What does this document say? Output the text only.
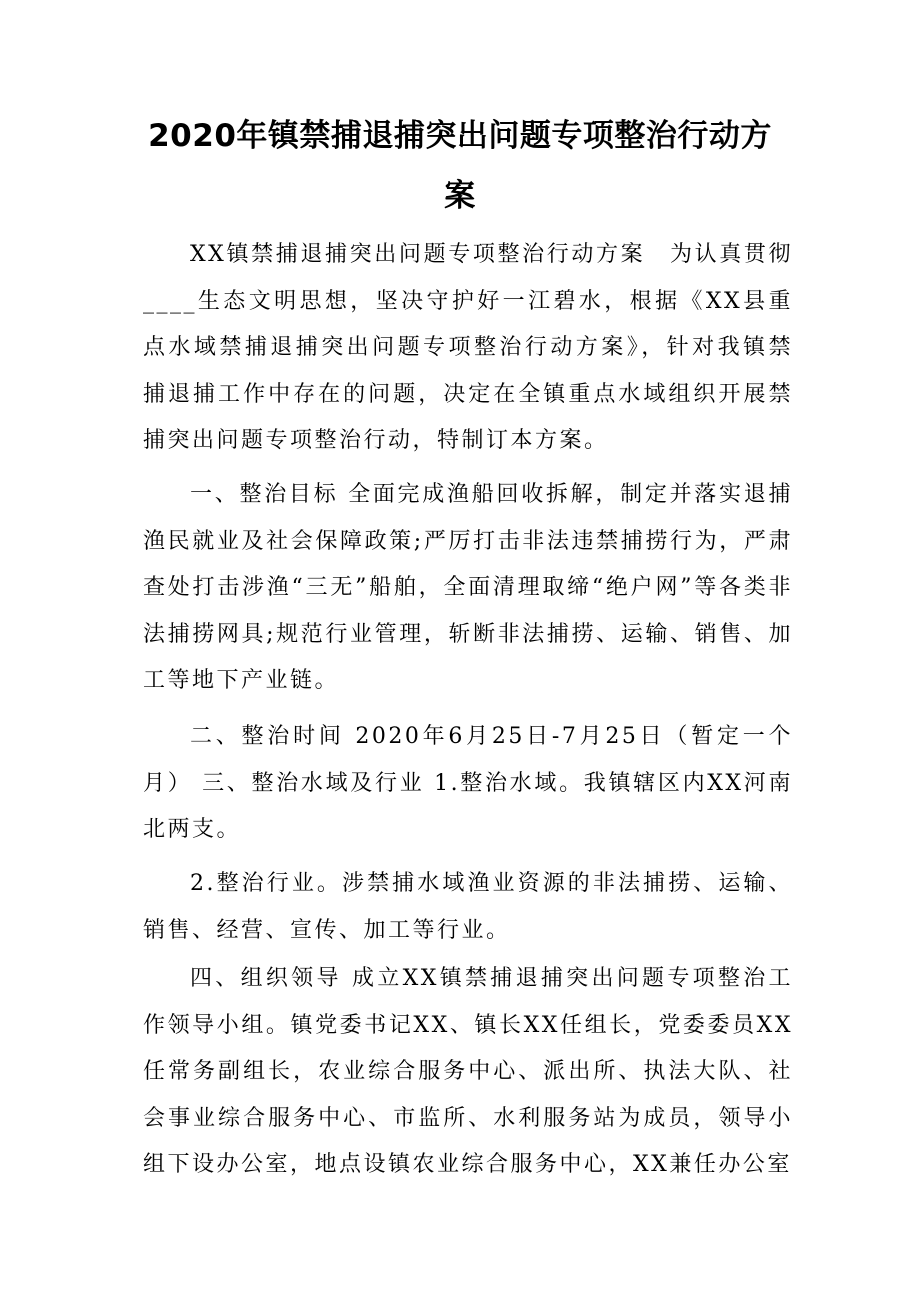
2020年镇禁捕退捕突出问题专项整治行动方
案

XX镇禁捕退捕突出问题专项整治行动方案　为认真贯彻____生态文明思想，坚决守护好一江碧水，根据《XX县重点水域禁捕退捕突出问题专项整治行动方案》，针对我镇禁捕退捕工作中存在的问题，决定在全镇重点水域组织开展禁捕突出问题专项整治行动，特制订本方案。

一、整治目标 全面完成渔船回收拆解，制定并落实退捕渔民就业及社会保障政策;严厉打击非法违禁捕捞行为，严肃查处打击涉渔“三无”船舶，全面清理取缔“绝户网”等各类非法捕捞网具;规范行业管理，斩断非法捕捞、运输、销售、加工等地下产业链。

二、整治时间 2020年6月25日-7月25日（暂定一个月） 三、整治水域及行业 1.整治水域。我镇辖区内XX河南北两支。

2.整治行业。涉禁捕水域渔业资源的非法捕捞、运输、销售、经营、宣传、加工等行业。

四、组织领导 成立XX镇禁捕退捕突出问题专项整治工作领导小组。镇党委书记XX、镇长XX任组长，党委委员XX任常务副组长，农业综合服务中心、派出所、执法大队、社会事业综合服务中心、市监所、水利服务站为成员，领导小组下设办公室，地点设镇农业综合服务中心，XX兼任办公室
